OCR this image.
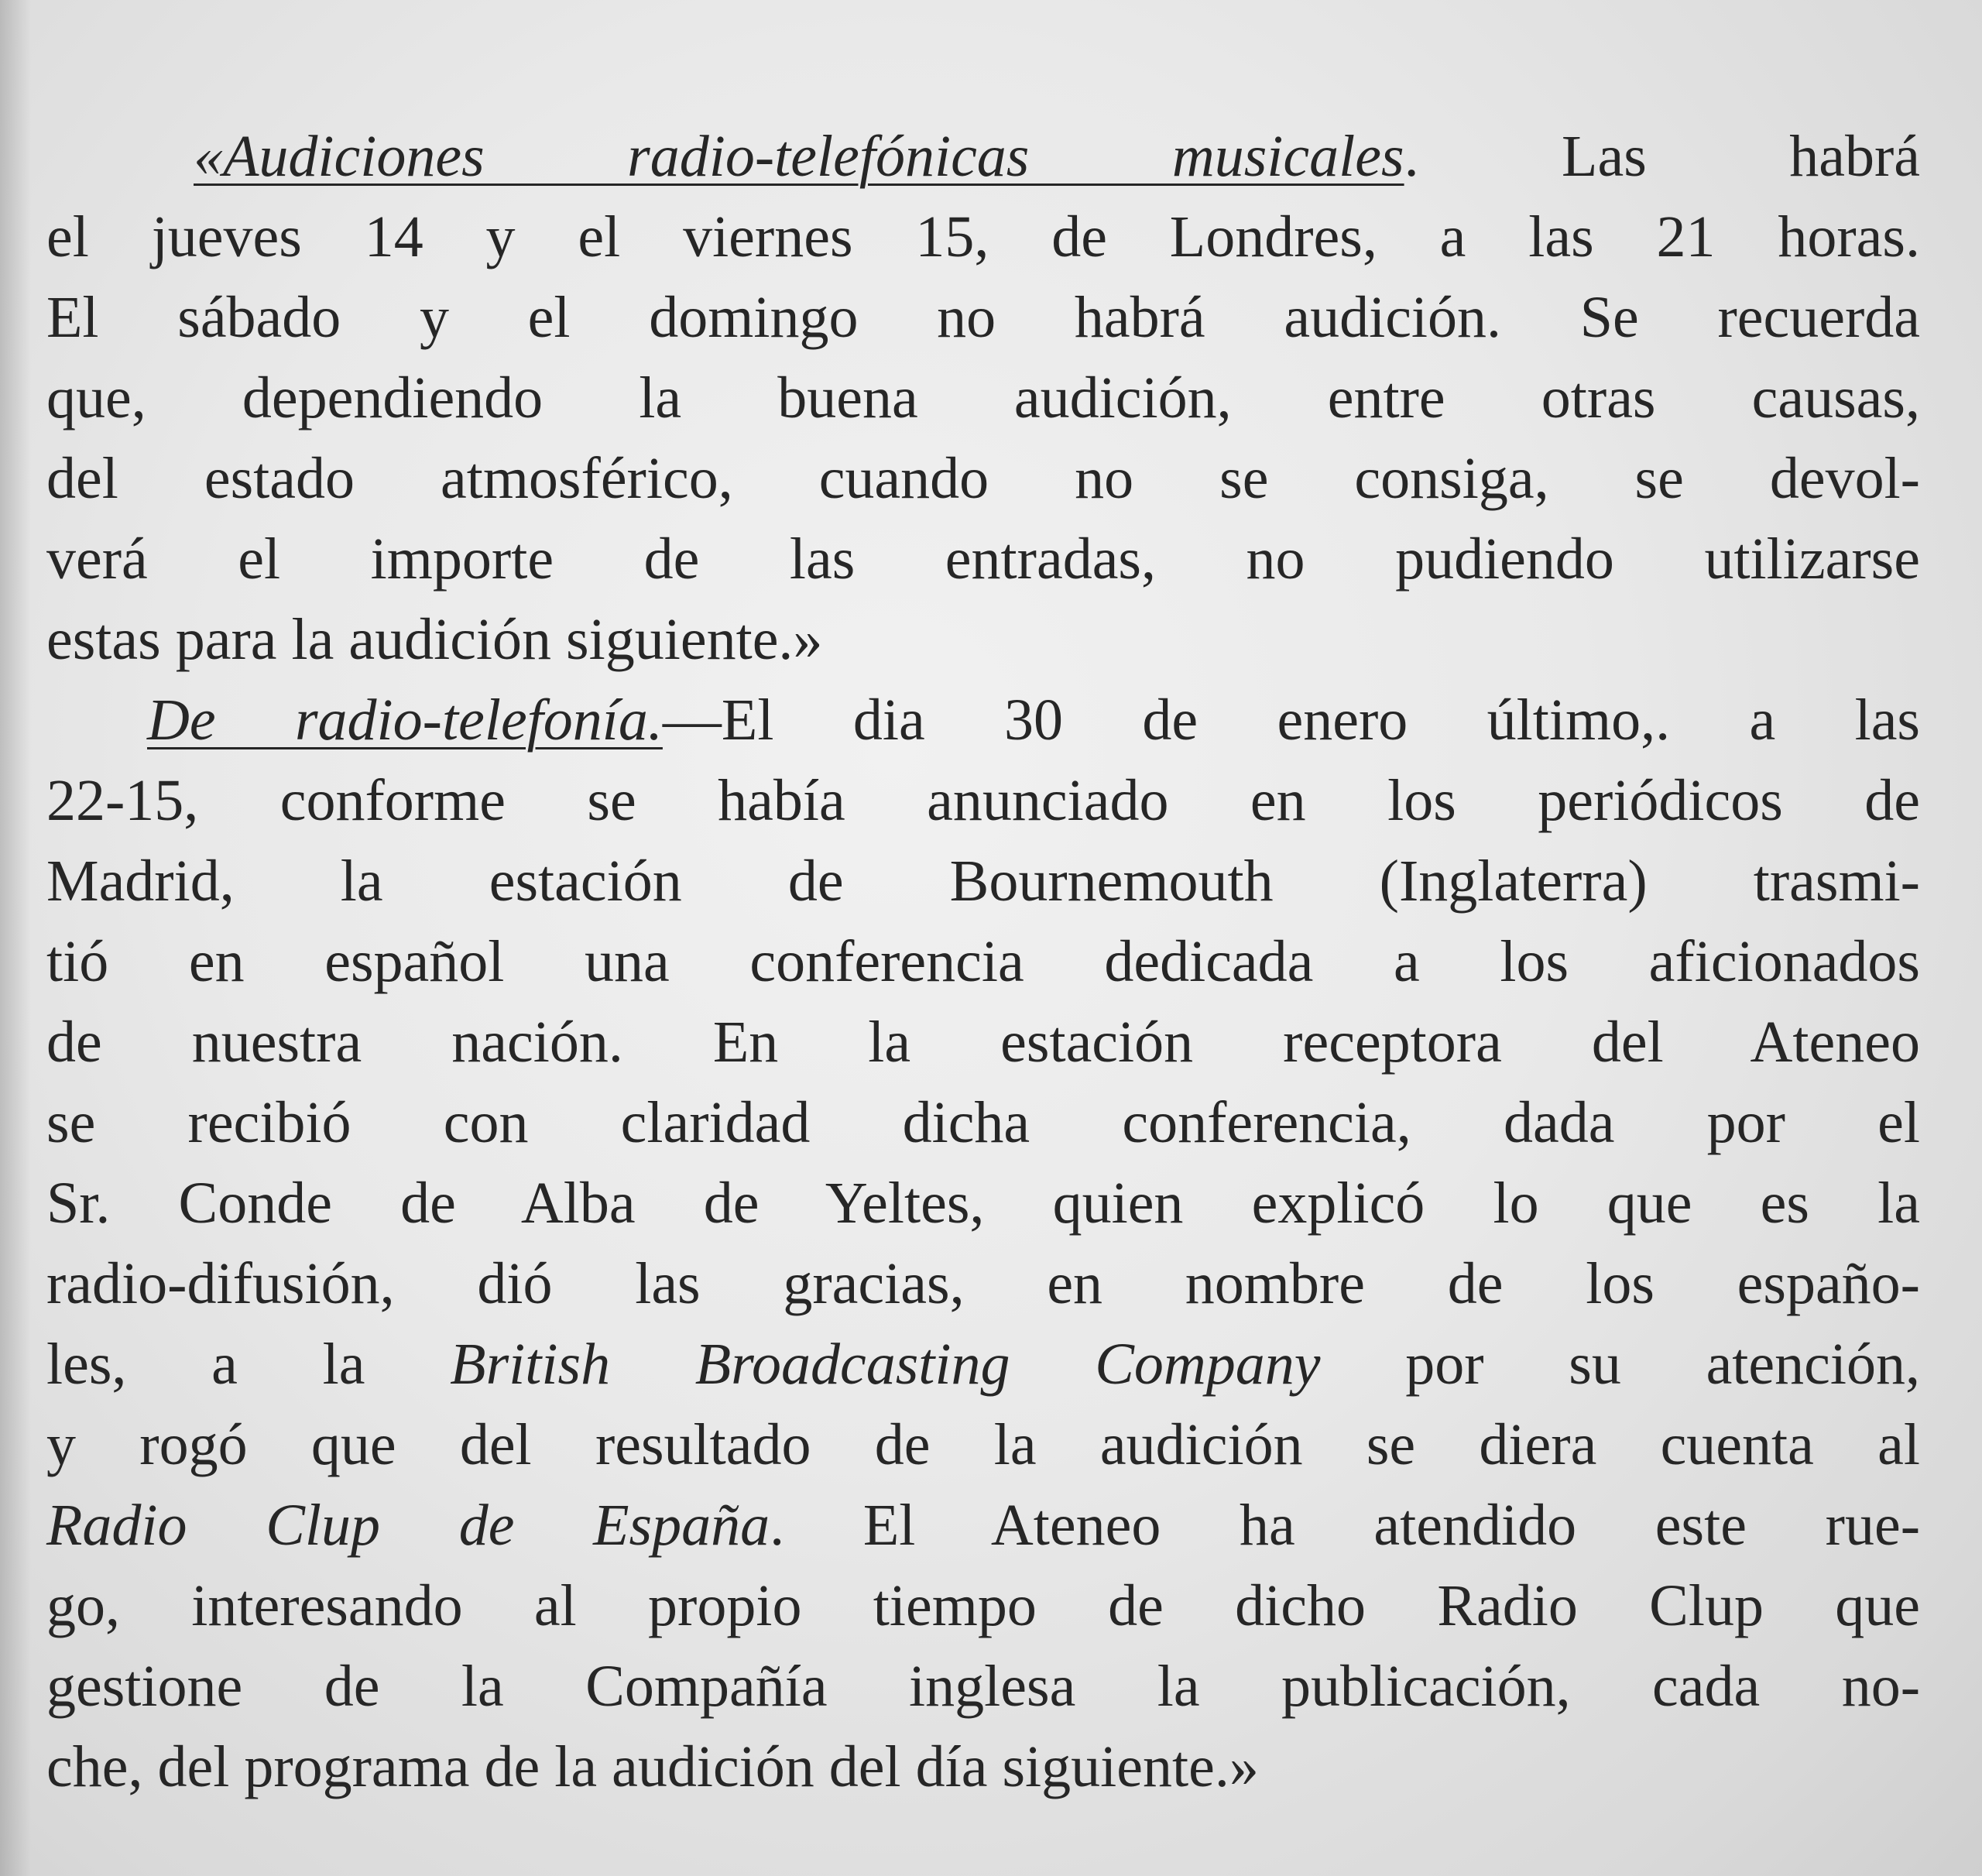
«Audiciones radio-telefónicas musicales. Las habrá
el jueves 14 y el viernes 15, de Londres, a las 21 horas.
El sábado y el domingo no habrá audición. Se recuerda
que, dependiendo la buena audición, entre otras causas,
del estado atmosférico, cuando no se consiga, se devol-
verá el importe de las entradas, no pudiendo utilizarse
estas para la audición siguiente.»
De radio-telefonía.—El dia 30 de enero último,. a las
22-15, conforme se había anunciado en los periódicos de
Madrid, la estación de Bournemouth (Inglaterra) trasmi-
tió en español una conferencia dedicada a los aficionados
de nuestra nación. En la estación receptora del Ateneo
se recibió con claridad dicha conferencia, dada por el
Sr. Conde de Alba de Yeltes, quien explicó lo que es la
radio-difusión, dió las gracias, en nombre de los españo-
les, a la British Broadcasting Company por su atención,
y rogó que del resultado de la audición se diera cuenta al
Radio Clup de España. El Ateneo ha atendido este rue-
go, interesando al propio tiempo de dicho Radio Clup que
gestione de la Compañía inglesa la publicación, cada no-
che, del programa de la audición del día siguiente.»
